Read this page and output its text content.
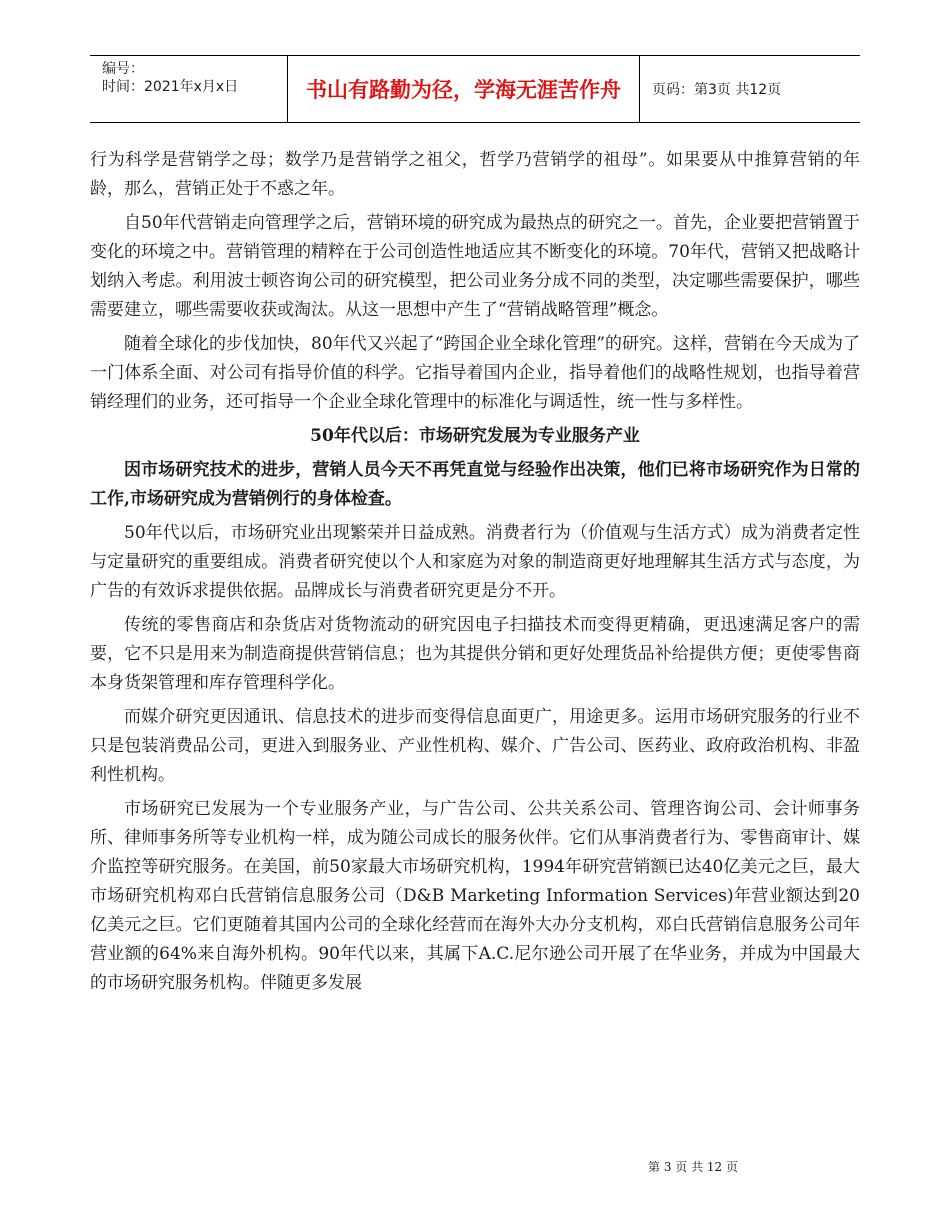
编号：
时间：2021年x月x日	书山有路勤为径，学海无涯苦作舟	页码：第3页 共12页

行为科学是营销学之母；数学乃是营销学之祖父，哲学乃营销学的祖母”。如果要从中推算营销的年龄，那么，营销正处于不惑之年。

自50年代营销走向管理学之后，营销环境的研究成为最热点的研究之一。首先，企业要把营销置于变化的环境之中。营销管理的精粹在于公司创造性地适应其不断变化的环境。70年代，营销又把战略计划纳入考虑。利用波士顿咨询公司的研究模型，把公司业务分成不同的类型，决定哪些需要保护，哪些需要建立，哪些需要收获或淘汰。从这一思想中产生了“营销战略管理”概念。

随着全球化的步伐加快，80年代又兴起了“跨国企业全球化管理”的研究。这样，营销在今天成为了一门体系全面、对公司有指导价值的科学。它指导着国内企业，指导着他们的战略性规划，也指导着营销经理们的业务，还可指导一个企业全球化管理中的标准化与调适性，统一性与多样性。

50年代以后：市场研究发展为专业服务产业

因市场研究技术的进步，营销人员今天不再凭直觉与经验作出决策，他们已将市场研究作为日常的工作,市场研究成为营销例行的身体检查。

50年代以后，市场研究业出现繁荣并日益成熟。消费者行为（价值观与生活方式）成为消费者定性与定量研究的重要组成。消费者研究使以个人和家庭为对象的制造商更好地理解其生活方式与态度，为广告的有效诉求提供依据。品牌成长与消费者研究更是分不开。

传统的零售商店和杂货店对货物流动的研究因电子扫描技术而变得更精确，更迅速满足客户的需要，它不只是用来为制造商提供营销信息；也为其提供分销和更好处理货品补给提供方便；更使零售商本身货架管理和库存管理科学化。

而媒介研究更因通讯、信息技术的进步而变得信息面更广，用途更多。运用市场研究服务的行业不只是包装消费品公司，更进入到服务业、产业性机构、媒介、广告公司、医药业、政府政治机构、非盈利性机构。

市场研究已发展为一个专业服务产业，与广告公司、公共关系公司、管理咨询公司、会计师事务所、律师事务所等专业机构一样，成为随公司成长的服务伙伴。它们从事消费者行为、零售商审计、媒介监控等研究服务。在美国，前50家最大市场研究机构，1994年研究营销额已达40亿美元之巨，最大市场研究机构邓白氏营销信息服务公司（D&B Marketing Information Services)年营业额达到20亿美元之巨。它们更随着其国内公司的全球化经营而在海外大办分支机构，邓白氏营销信息服务公司年营业额的64%来自海外机构。90年代以来，其属下A.C.尼尔逊公司开展了在华业务，并成为中国最大的市场研究服务机构。伴随更多发展

第 3 页 共 12 页
